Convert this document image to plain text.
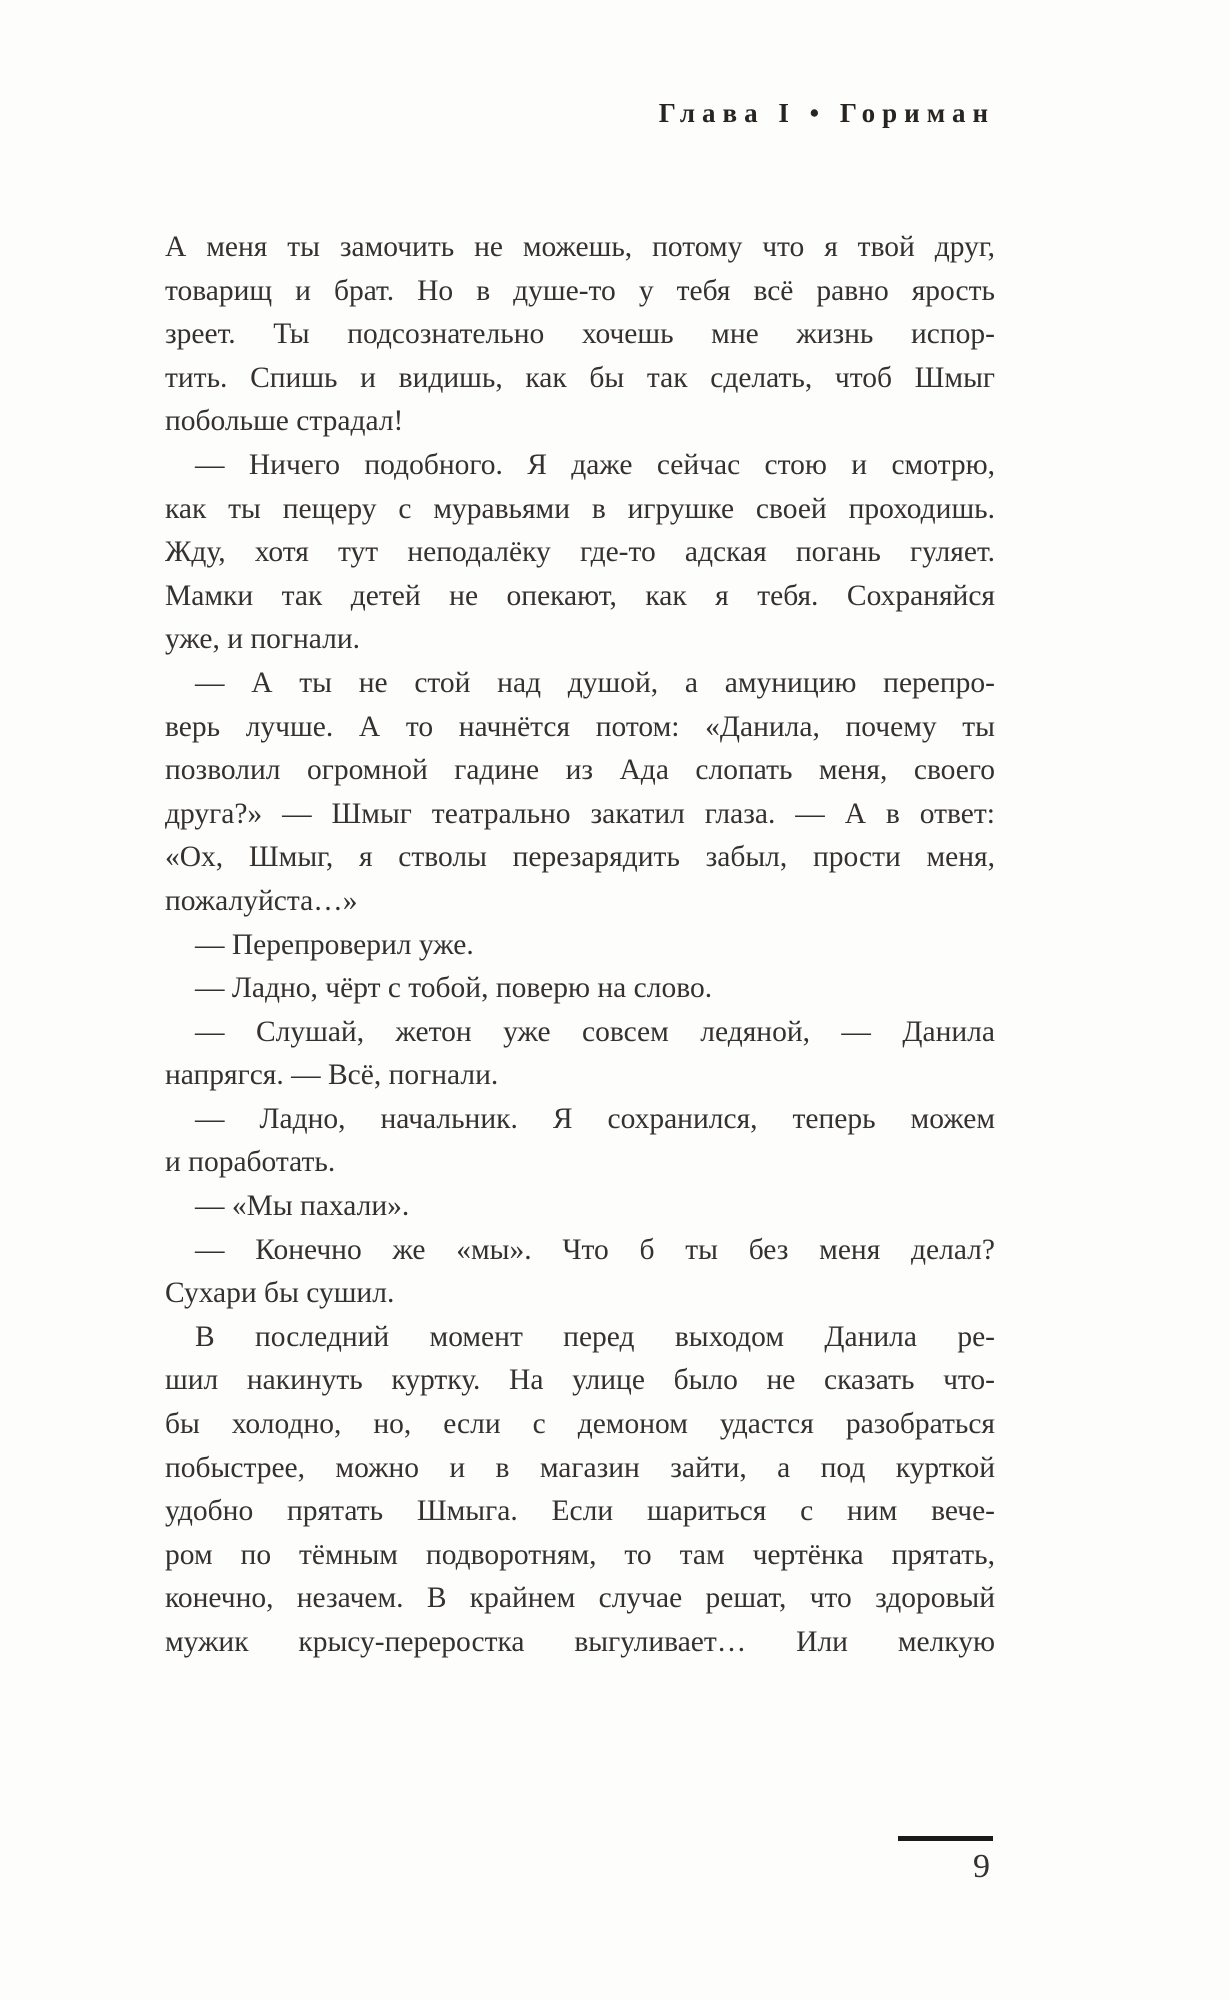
Глава I • Гориман
А меня ты замочить не можешь, потому что я твой друг,
товарищ и брат. Но в душе-то у тебя всё равно ярость
зреет. Ты подсознательно хочешь мне жизнь испор-
тить. Спишь и видишь, как бы так сделать, чтоб Шмыг
побольше страдал!
— Ничего подобного. Я даже сейчас стою и смотрю,
как ты пещеру с муравьями в игрушке своей проходишь.
Жду, хотя тут неподалёку где-то адская погань гуляет.
Мамки так детей не опекают, как я тебя. Сохраняйся
уже, и погнали.
— А ты не стой над душой, а амуницию перепро-
верь лучше. А то начнётся потом: «Данила, почему ты
позволил огромной гадине из Ада слопать меня, своего
друга?» — Шмыг театрально закатил глаза. — А в ответ:
«Ох, Шмыг, я стволы перезарядить забыл, прости меня,
пожалуйста…»
— Перепроверил уже.
— Ладно, чёрт с тобой, поверю на слово.
— Слушай, жетон уже совсем ледяной, — Данила
напрягся. — Всё, погнали.
— Ладно, начальник. Я сохранился, теперь можем
и поработать.
— «Мы пахали».
— Конечно же «мы». Что б ты без меня делал?
Сухари бы сушил.
В последний момент перед выходом Данила ре-
шил накинуть куртку. На улице было не сказать что-
бы холодно, но, если с демоном удастся разобраться
побыстрее, можно и в магазин зайти, а под курткой
удобно прятать Шмыга. Если шариться с ним вече-
ром по тёмным подворотням, то там чертёнка прятать,
конечно, незачем. В крайнем случае решат, что здоровый
мужик крысу-переростка выгуливает… Или мелкую
9
